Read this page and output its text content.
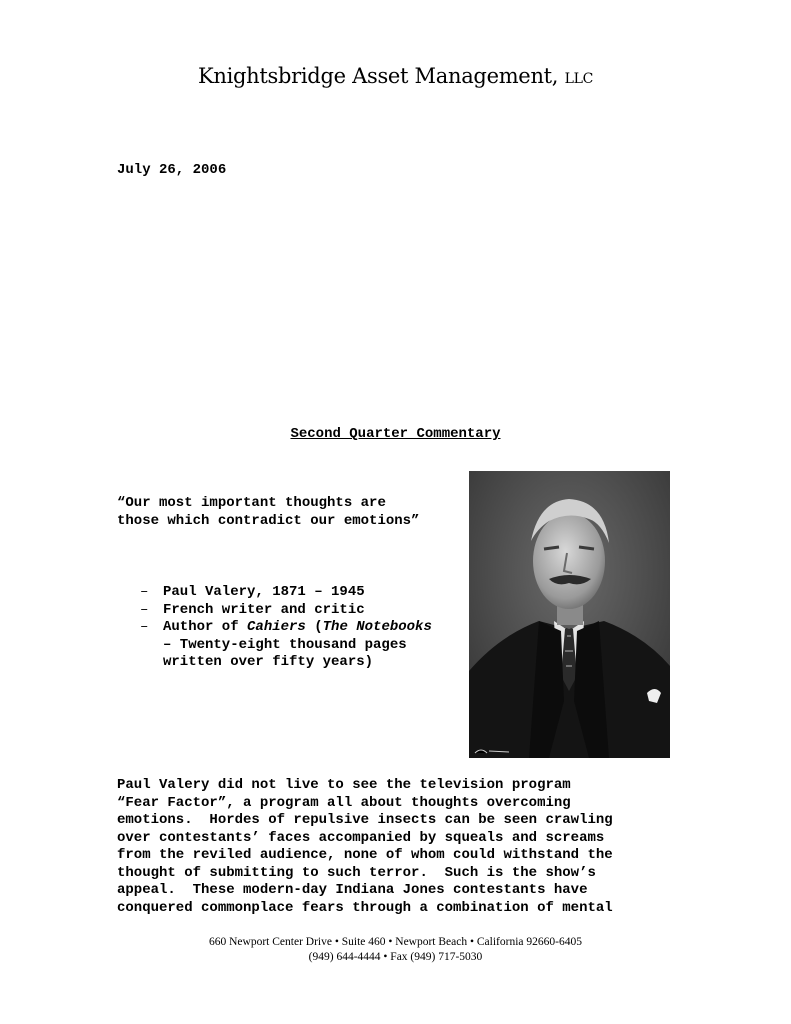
Knightsbridge Asset Management, LLC
July 26, 2006
Second Quarter Commentary
“Our most important thoughts are
those which contradict our emotions”
– Paul Valery, 1871 – 1945
– French writer and critic
– Author of Cahiers (The Notebooks – Twenty-eight thousand pages written over fifty years)
Paul Valery did not live to see the television program
“Fear Factor”, a program all about thoughts overcoming
emotions.  Hordes of repulsive insects can be seen crawling
over contestants’ faces accompanied by squeals and screams
from the reviled audience, none of whom could withstand the
thought of submitting to such terror.  Such is the show’s
appeal.  These modern-day Indiana Jones contestants have
conquered commonplace fears through a combination of mental
660 Newport Center Drive • Suite 460 • Newport Beach • California 92660-6405
(949) 644-4444 • Fax (949) 717-5030
